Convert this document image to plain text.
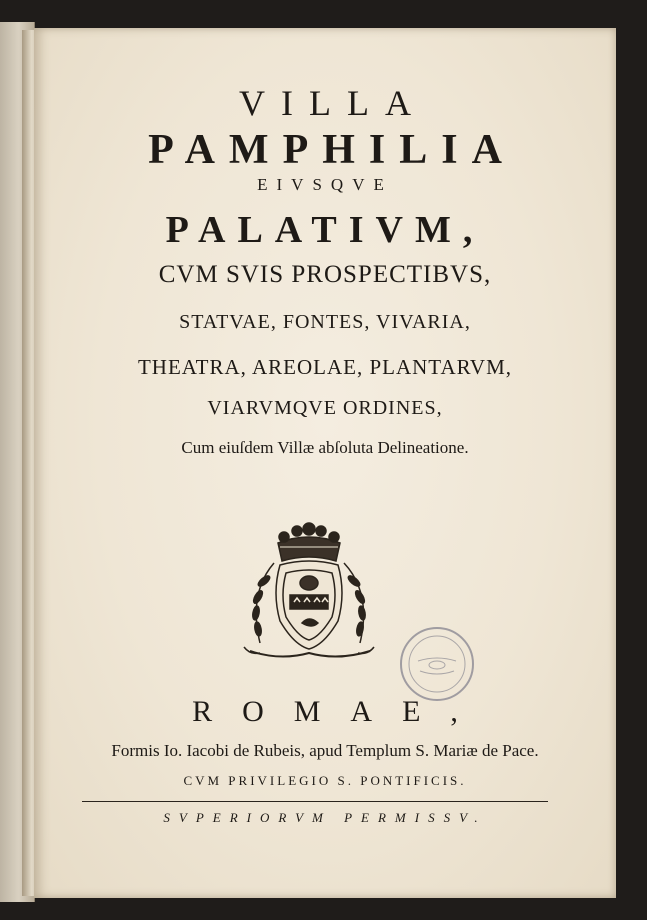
VILLA
PAMPHILIA
EIVSQVE
PALATIVM,
CVM SVIS PROSPECTIBVS,
STATVAE, FONTES, VIVARIA,
THEATRA, AREOLAE, PLANTARVM,
VIARVMQVE ORDINES,
Cum eiuſdem Villæ abſoluta Delineatione.
ROMAE,
Formis Io. Iacobi de Rubeis, apud Templum S. Mariæ de Pace.
CVM PRIVILEGIO S. PONTIFICIS.
SVPERIORVM PERMISSV.
